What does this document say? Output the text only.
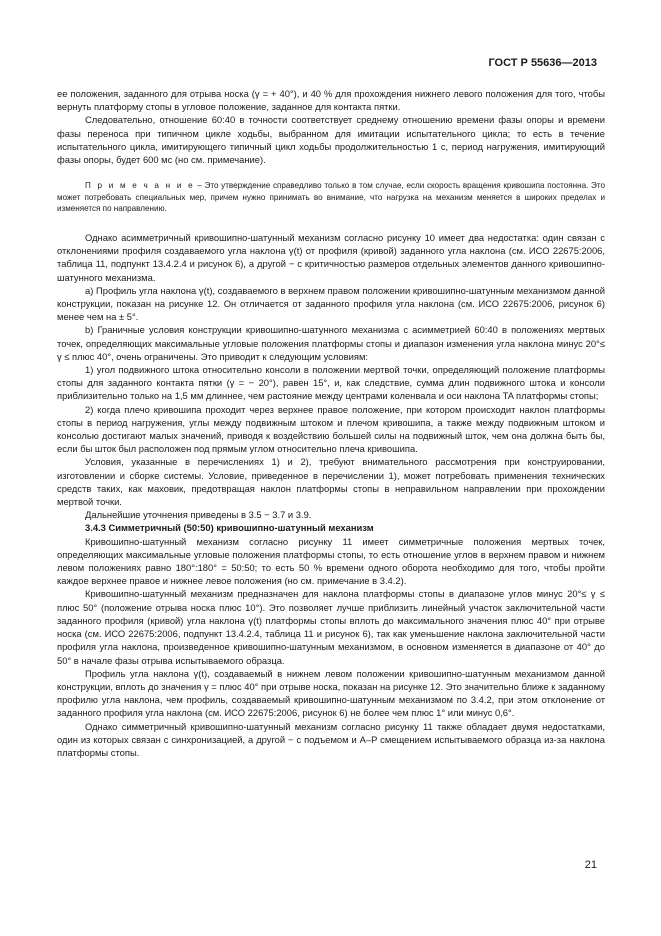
ГОСТ Р 55636—2013

ее положения, заданного для отрыва носка (γ = + 40°), и 40 % для прохождения нижнего левого положения для того, чтобы вернуть платформу стопы в угловое положение, заданное для контакта пятки.

Следовательно, отношение 60:40 в точности соответствует среднему отношению времени фазы опоры и времени фазы переноса при типичном цикле ходьбы, выбранном для имитации испытательного цикла; то есть в течение испытательного цикла, имитирующего типичный цикл ходьбы продолжительностью 1 с, период нагружения, имитирующий фазы опоры, будет 600 мс (но см. примечание).

П р и м е ч а н и е – Это утверждение справедливо только в том случае, если скорость вращения кривошипа постоянна. Это может потребовать специальных мер, причем нужно принимать во внимание, что нагрузка на механизм меняется в широких пределах и изменяется по направлению.

Однако асимметричный кривошипно-шатунный механизм согласно рисунку 10 имеет два недостатка: один связан с отклонениями профиля создаваемого угла наклона γ(t) от профиля (кривой) заданного угла наклона (см. ИСО 22675:2006, таблица 11, подпункт 13.4.2.4 и рисунок 6), а другой − с критичностью размеров отдельных элементов данного кривошипно-шатунного механизма.

а) Профиль угла наклона γ(t), создаваемого в верхнем правом положении кривошипно-шатунным механизмом данной конструкции, показан на рисунке 12. Он отличается от заданного профиля угла наклона (см. ИСО 22675:2006, рисунок 6) менее чем на ± 5°.

b) Граничные условия конструкции кривошипно-шатунного механизма с асимметрией 60:40 в положениях мертвых точек, определяющих максимальные угловые положения платформы стопы и диапазон изменения угла наклона минус 20°≤ γ ≤ плюс 40°, очень ограничены. Это приводит к следующим условиям:

1) угол подвижного штока относительно консоли в положении мертвой точки, определяющий положение платформы стопы для заданного контакта пятки (γ = − 20°), равен 15°, и, как следствие, сумма длин подвижного штока и консоли приблизительно только на 1,5 мм длиннее, чем растояние между центрами коленвала и оси наклона TA платформы стопы;

2) когда плечо кривошипа проходит через верхнее правое положение, при котором происходит наклон платформы стопы в период нагружения, углы между подвижным штоком и плечом кривошипа, а также между подвижным штоком и консолью достигают малых значений, приводя к воздействию большей силы на подвижный шток, чем она должна быть бы, если бы шток был расположен под прямым углом относительно плеча кривошипа.

Условия, указанные в перечислениях 1) и 2), требуют внимательного рассмотрения при конструировании, изготовлении и сборке системы. Условие, приведенное в перечислении 1), может потребовать применения технических средств таких, как маховик, предотвращая наклон платформы стопы в неправильном направлении при прохождении мертвой точки.

Дальнейшие уточнения приведены в 3.5 − 3.7 и 3.9.

3.4.3 Симметричный (50:50) кривошипно-шатунный механизм

Кривошипно-шатунный механизм согласно рисунку 11 имеет симметричные положения мертвых точек, определяющих максимальные угловые положения платформы стопы, то есть отношение углов в верхнем правом и нижнем левом положениях равно 180°:180° = 50:50; то есть 50 % времени одного оборота необходимо для того, чтобы пройти каждое верхнее правое и нижнее левое положения (но см. примечание в 3.4.2).

Кривошипно-шатунный механизм предназначен для наклона платформы стопы в диапазоне углов минус 20°≤ γ ≤ плюс 50° (положение отрыва носка плюс 10°). Это позволяет лучше приблизить линейный участок заключительной части заданного профиля (кривой) угла наклона γ(t) платформы стопы вплоть до максимального значения плюс 40° при отрыве носка (см. ИСО 22675:2006, подпункт 13.4.2.4, таблица 11 и рисунок 6), так как уменьшение наклона заключительной части профиля угла наклона, произведенное кривошипно-шатунным механизмом, в основном изменяется в диапазоне от 40° до 50° в начале фазы отрыва испытываемого образца.

Профиль угла наклона γ(t), создаваемый в нижнем левом положении кривошипно-шатунным механизмом данной конструкции, вплоть до значения γ = плюс 40° при отрыве носка, показан на рисунке 12. Это значительно ближе к заданному профилю угла наклона, чем профиль, создаваемый кривошипно-шатунным механизмом по 3.4.2, при этом отклонение от заданного профиля угла наклона (см. ИСО 22675:2006, рисунок 6) не более чем плюс 1° или минус 0,6°.

Однако симметричный кривошипно-шатунный механизм согласно рисунку 11 также обладает двумя недостатками, один из которых связан с синхронизацией, а другой − с подъемом и A–P смещением испытываемого образца из-за наклона платформы стопы.

21
